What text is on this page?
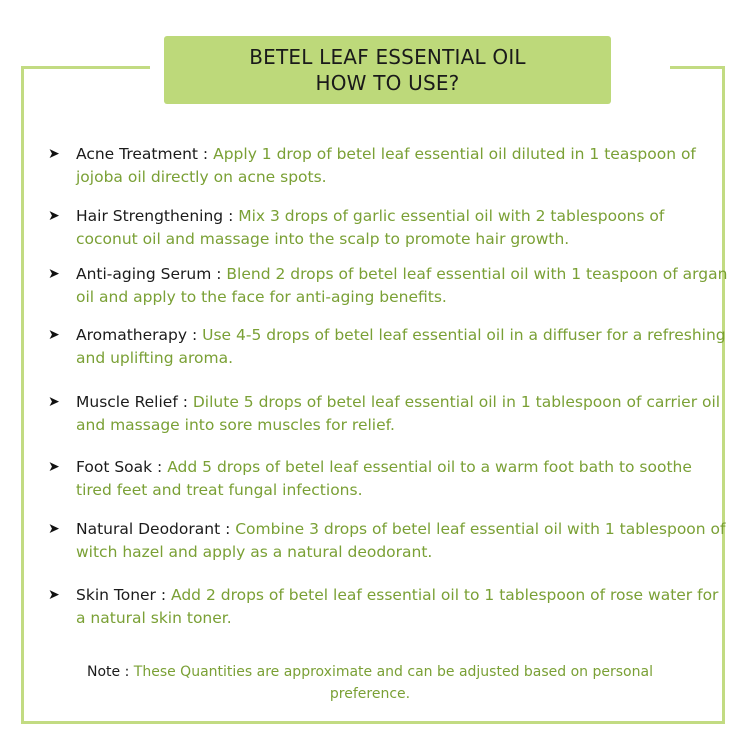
BETEL LEAF ESSENTIAL OIL
HOW TO USE?
➤ Acne Treatment : Apply 1 drop of betel leaf essential oil diluted in 1 teaspoon of jojoba oil directly on acne spots.
➤ Hair Strengthening : Mix 3 drops of garlic essential oil with 2 tablespoons of coconut oil and massage into the scalp to promote hair growth.
➤ Anti-aging Serum : Blend 2 drops of betel leaf essential oil with 1 teaspoon of argan oil and apply to the face for anti-aging benefits.
➤ Aromatherapy : Use 4-5 drops of betel leaf essential oil in a diffuser for a refreshing and uplifting aroma.
➤ Muscle Relief : Dilute 5 drops of betel leaf essential oil in 1 tablespoon of carrier oil and massage into sore muscles for relief.
➤ Foot Soak : Add 5 drops of betel leaf essential oil to a warm foot bath to soothe tired feet and treat fungal infections.
➤ Natural Deodorant : Combine 3 drops of betel leaf essential oil with 1 tablespoon of witch hazel and apply as a natural deodorant.
➤ Skin Toner : Add 2 drops of betel leaf essential oil to 1 tablespoon of rose water for a natural skin toner.
Note : These Quantities are approximate and can be adjusted based on personal preference.
